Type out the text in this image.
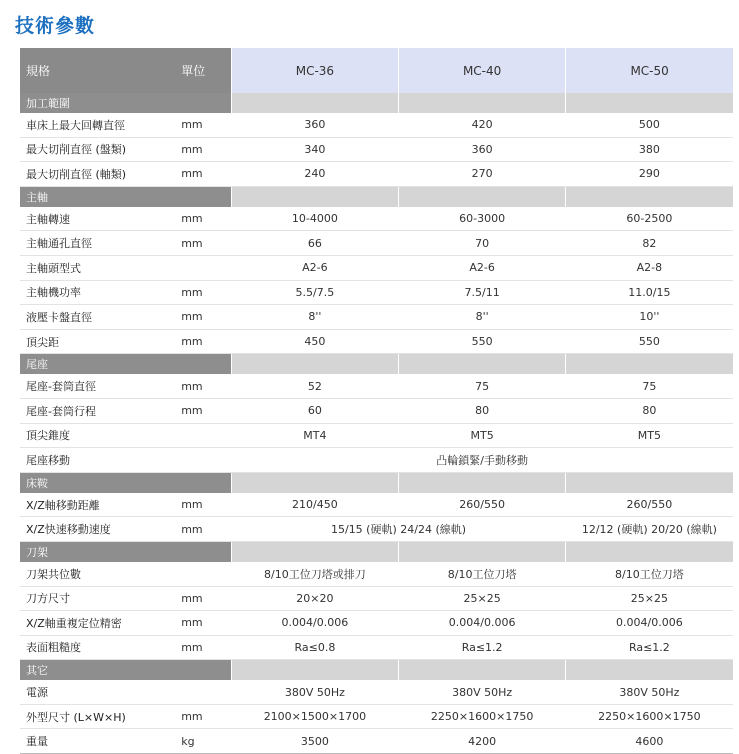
技術參數
規格	單位	MC-36	MC-40	MC-50
加工範圍				
車床上最大回轉直徑	mm	360	420	500
最大切削直徑 (盤類)	mm	340	360	380
最大切削直徑 (軸類)	mm	240	270	290
主軸				
主軸轉速	mm	10-4000	60-3000	60-2500
主軸通孔直徑	mm	66	70	82
主軸頭型式		A2-6	A2-6	A2-8
主軸機功率	mm	5.5/7.5	7.5/11	11.0/15
液壓卡盤直徑	mm	8''	8''	10''
頂尖距	mm	450	550	550
尾座				
尾座-套筒直徑	mm	52	75	75
尾座-套筒行程	mm	60	80	80
頂尖錐度		MT4	MT5	MT5
尾座移動		凸輪鎖緊/手動移動		
床鞍				
X/Z軸移動距離	mm	210/450	260/550	260/550
X/Z快速移動速度	mm	15/15 (硬軌) 24/24 (線軌)		12/12 (硬軌) 20/20 (線軌)
刀架				
刀架共位數		8/10工位刀塔或排刀	8/10工位刀塔	8/10工位刀塔
刀方尺寸	mm	20×20	25×25	25×25
X/Z軸重複定位精密	mm	0.004/0.006	0.004/0.006	0.004/0.006
表面粗糙度	mm	Ra≤0.8	Ra≤1.2	Ra≤1.2
其它				
電源		380V 50Hz	380V 50Hz	380V 50Hz
外型尺寸 (L×W×H)	mm	2100×1500×1700	2250×1600×1750	2250×1600×1750
重量	kg	3500	4200	4600
